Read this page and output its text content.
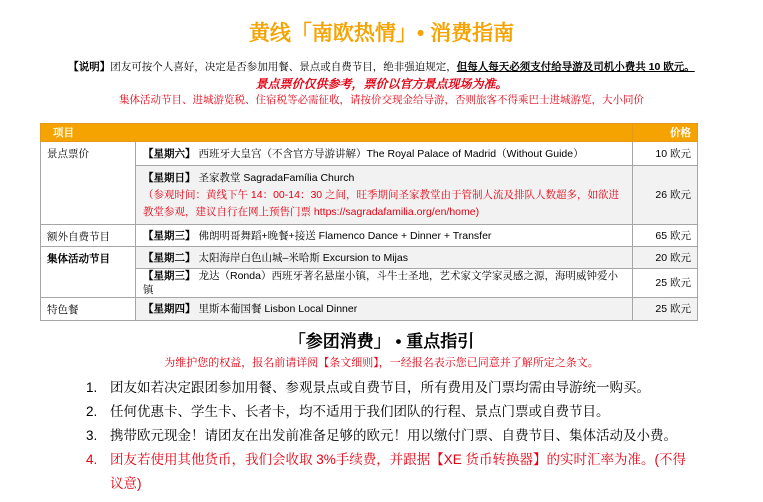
黄线「南欧热情」• 消费指南

【说明】团友可按个人喜好，决定是否参加用餐、景点或自费节目，绝非强迫规定，但每人每天必须支付给导游及司机小费共 10 欧元。

景点票价仅供参考，票价以官方景点现场为准。

集体活动节目、进城游览税、住宿税等必需征收，请按价交现金给导游，否则旅客不得乘巴士进城游览，大小同价

项目		价格
景点票价	【星期六】 西班牙大皇宫（不含官方导游讲解）The Royal Palace of Madrid（Without Guide）	10 欧元
	【星期日】 圣家教堂 SagradaFamília Church
（参观时间：黄线下午 14：00-14：30 之间，旺季期间圣家教堂由于管制人流及排队人数超多，如欲进教堂参观，建议自行在网上预售门票 https://sagradafamilia.org/en/home)	26 欧元
额外自费节目	【星期三】 佛朗明哥舞蹈+晚餐+接送 Flamenco Dance + Dinner + Transfer	65 欧元
集体活动节目	【星期二】 太阳海岸白色山城–米哈斯 Excursion to Mijas	20 欧元
	【星期三】 龙达（Ronda）西班牙著名悬崖小镇，斗牛士圣地，艺术家文学家灵感之源，海明威钟爱小镇	25 欧元
特色餐	【星期四】 里斯本葡国餐 Lisbon Local Dinner	25 欧元
「参团消费」 • 重点指引

为维护您的权益，报名前请详阅【条文细则】，一经报名表示您已同意并了解所定之条文。

1. 团友如若决定跟团参加用餐、参观景点或自费节目，所有费用及门票均需由导游统一购买。
2. 任何优惠卡、学生卡、长者卡，均不适用于我们团队的行程、景点门票或自费节目。
3. 携带欧元现金！请团友在出发前准备足够的欧元！用以缴付门票、自费节目、集体活动及小费。
4. 团友若使用其他货币，我们会收取 3%手续费，并跟据【XE 货币转换器】的实时汇率为准。(不得议意)
